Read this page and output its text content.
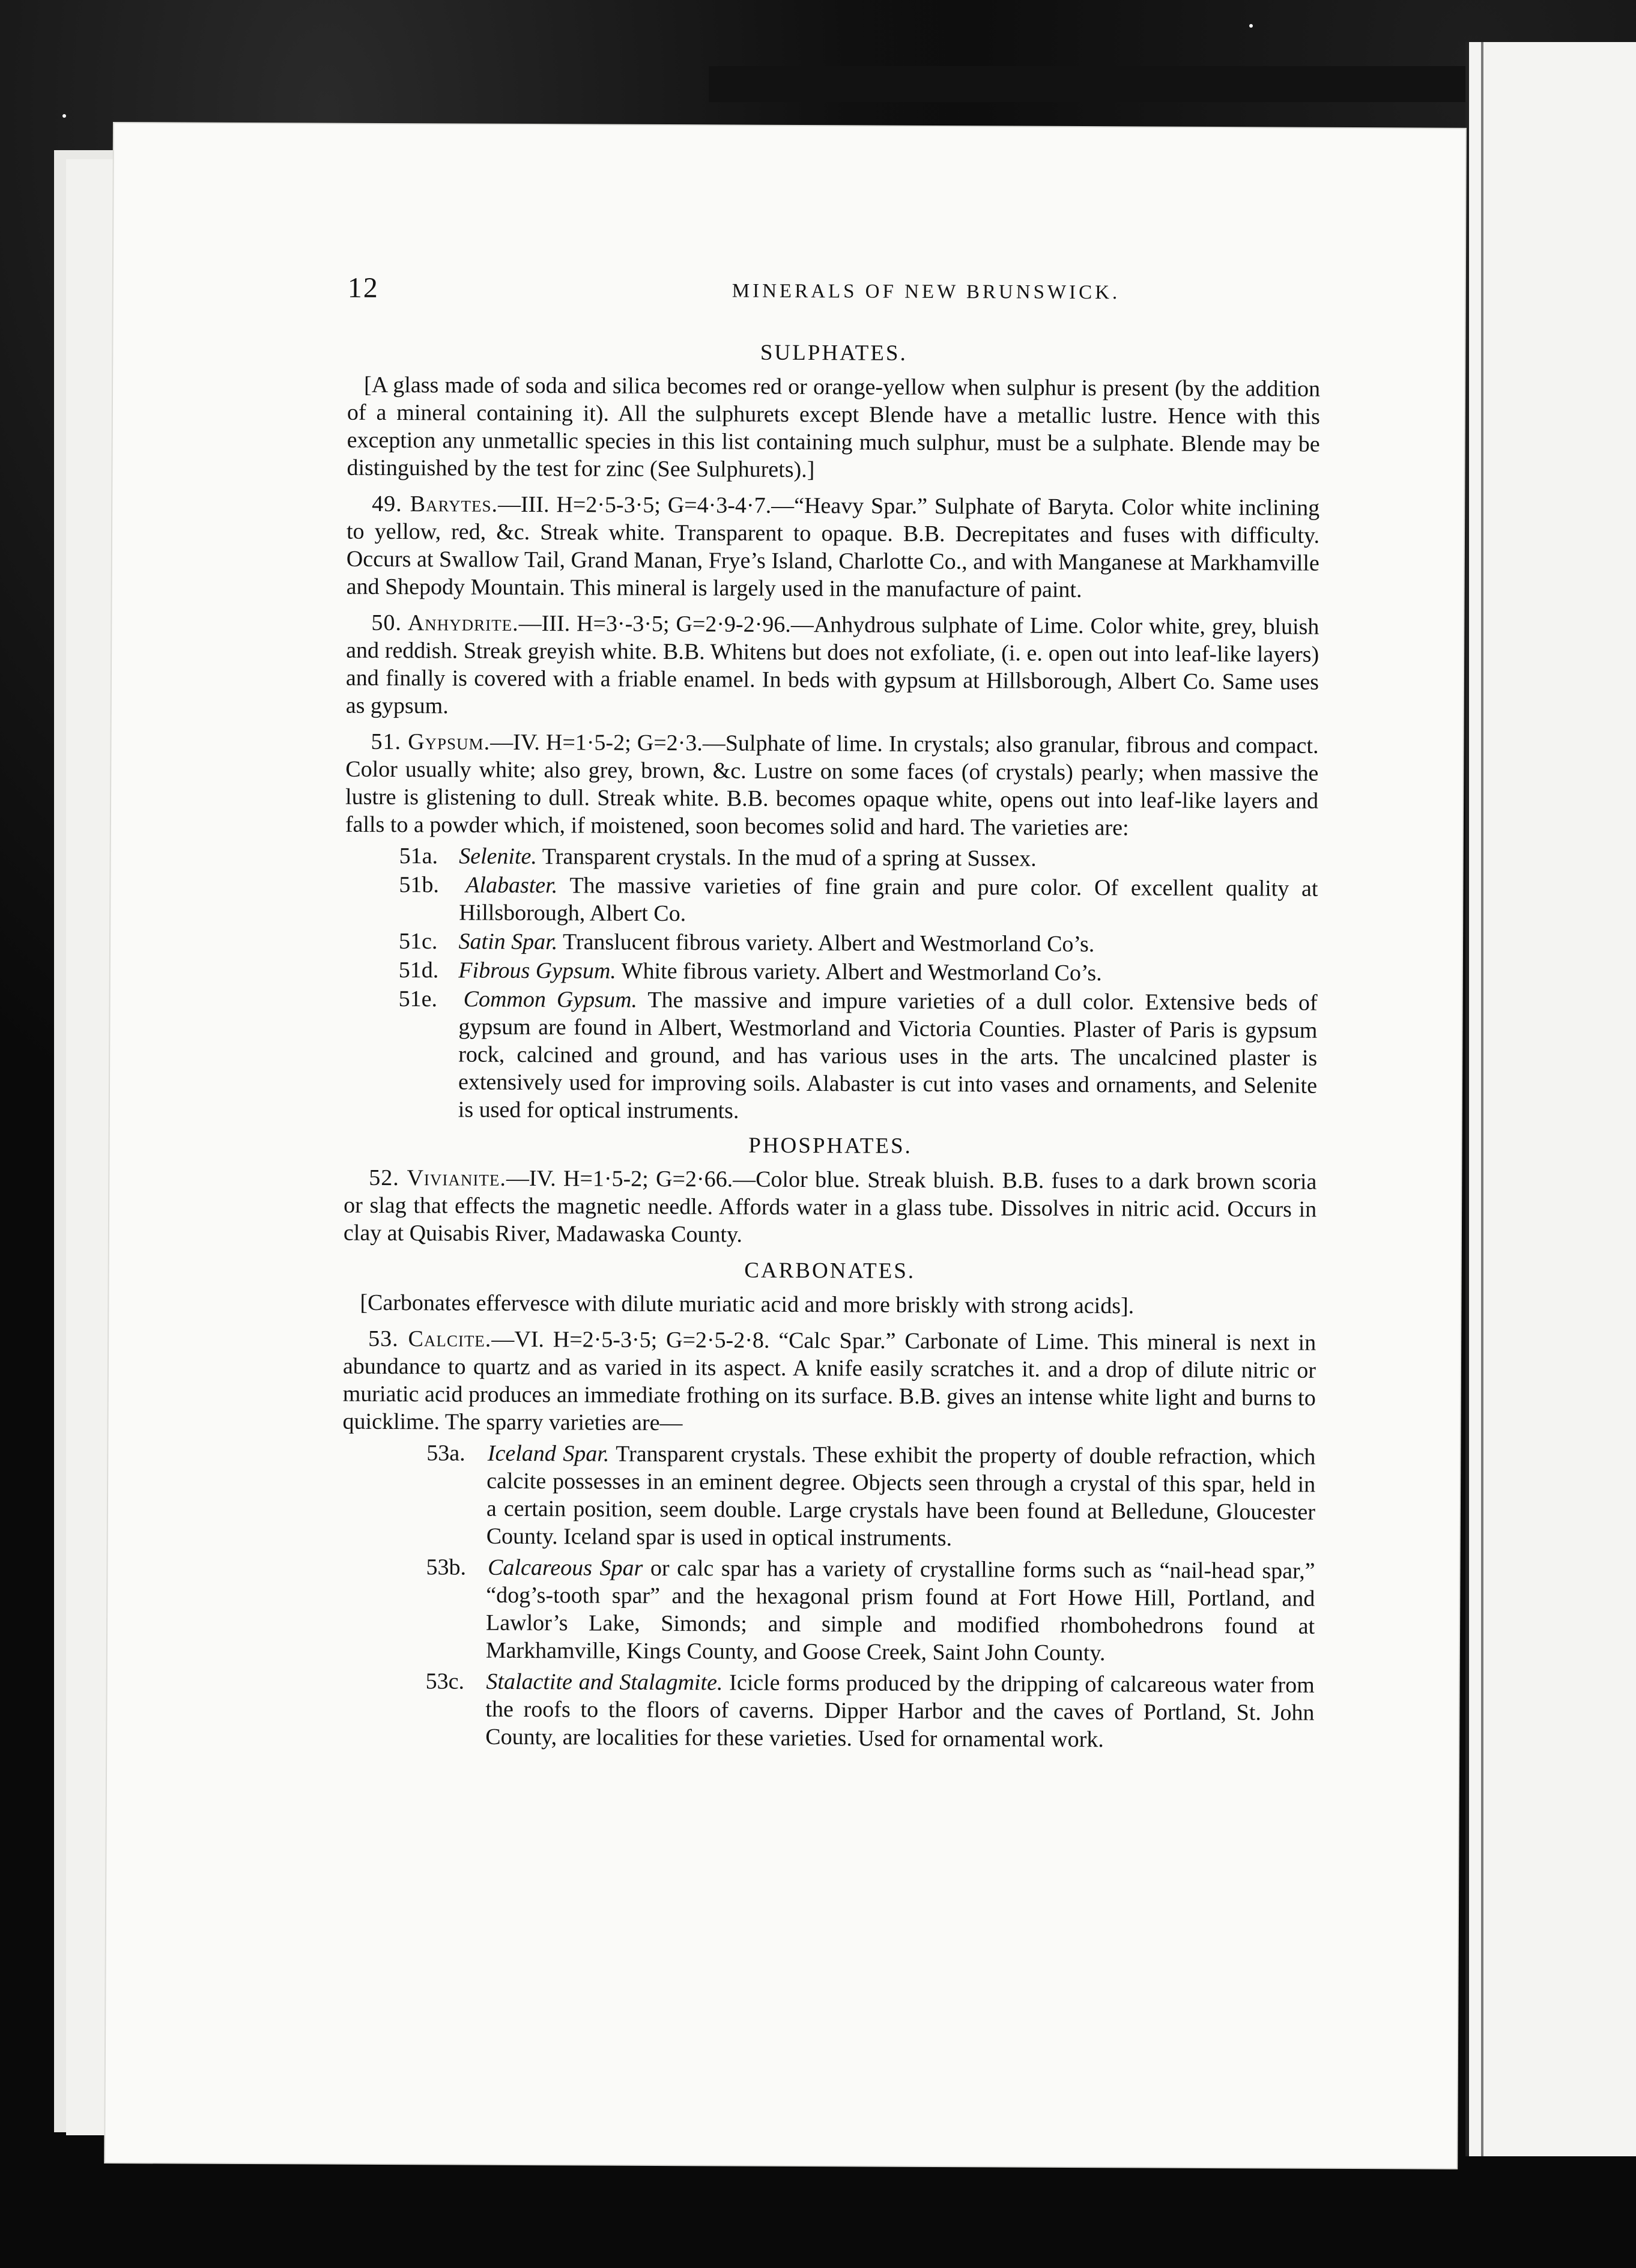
12	MINERALS OF NEW BRUNSWICK.
SULPHATES.

[A glass made of soda and silica becomes red or orange-yellow when sulphur is present (by the addition of a mineral containing it). All the sulphurets except Blende have a metallic lustre. Hence with this exception any unmetallic species in this list containing much sulphur, must be a sulphate. Blende may be distinguished by the test for zinc (See Sulphurets).]

49. Barytes.—III. H=2·5-3·5; G=4·3-4·7.—“Heavy Spar.” Sulphate of Baryta. Color white inclining to yellow, red, &c. Streak white. Transparent to opaque. B.B. Decrepitates and fuses with difficulty. Occurs at Swallow Tail, Grand Manan, Frye’s Island, Charlotte Co., and with Manganese at Markhamville and Shepody Mountain. This mineral is largely used in the manufacture of paint.

50. Anhydrite.—III. H=3·-3·5; G=2·9-2·96.—Anhydrous sulphate of Lime. Color white, grey, bluish and reddish. Streak greyish white. B.B. Whitens but does not exfoliate, (i. e. open out into leaf-like layers) and finally is covered with a friable enamel. In beds with gypsum at Hillsborough, Albert Co. Same uses as gypsum.

51. Gypsum.—IV. H=1·5-2; G=2·3.—Sulphate of lime. In crystals; also granular, fibrous and compact. Color usually white; also grey, brown, &c. Lustre on some faces (of crystals) pearly; when massive the lustre is glistening to dull. Streak white. B.B. becomes opaque white, opens out into leaf-like layers and falls to a powder which, if moistened, soon becomes solid and hard. The varieties are:

51a. Selenite. Transparent crystals. In the mud of a spring at Sussex.

51b. Alabaster. The massive varieties of fine grain and pure color. Of excellent quality at Hillsborough, Albert Co.

51c. Satin Spar. Translucent fibrous variety. Albert and Westmorland Co’s.

51d. Fibrous Gypsum. White fibrous variety. Albert and Westmorland Co’s.

51e. Common Gypsum. The massive and impure varieties of a dull color. Extensive beds of gypsum are found in Albert, Westmorland and Victoria Counties. Plaster of Paris is gypsum rock, calcined and ground, and has various uses in the arts. The uncalcined plaster is extensively used for improving soils. Alabaster is cut into vases and ornaments, and Selenite is used for optical instruments.

PHOSPHATES.

52. Vivianite.—IV. H=1·5-2; G=2·66.—Color blue. Streak bluish. B.B. fuses to a dark brown scoria or slag that effects the magnetic needle. Affords water in a glass tube. Dissolves in nitric acid. Occurs in clay at Quisabis River, Madawaska County.

CARBONATES.

[Carbonates effervesce with dilute muriatic acid and more briskly with strong acids].

53. Calcite.—VI. H=2·5-3·5; G=2·5-2·8. “Calc Spar.” Carbonate of Lime. This mineral is next in abundance to quartz and as varied in its aspect. A knife easily scratches it. and a drop of dilute nitric or muriatic acid produces an immediate frothing on its surface. B.B. gives an intense white light and burns to quicklime. The sparry varieties are—

53a. Iceland Spar. Transparent crystals. These exhibit the property of double refraction, which calcite possesses in an eminent degree. Objects seen through a crystal of this spar, held in a certain position, seem double. Large crystals have been found at Belledune, Gloucester County. Iceland spar is used in optical instruments.

53b. Calcareous Spar or calc spar has a variety of crystalline forms such as “nail-head spar,” “dog’s-tooth spar” and the hexagonal prism found at Fort Howe Hill, Portland, and Lawlor’s Lake, Simonds; and simple and modified rhombohedrons found at Markhamville, Kings County, and Goose Creek, Saint John County.

53c. Stalactite and Stalagmite. Icicle forms produced by the dripping of calcareous water from the roofs to the floors of caverns. Dipper Harbor and the caves of Portland, St. John County, are localities for these varieties. Used for ornamental work.
